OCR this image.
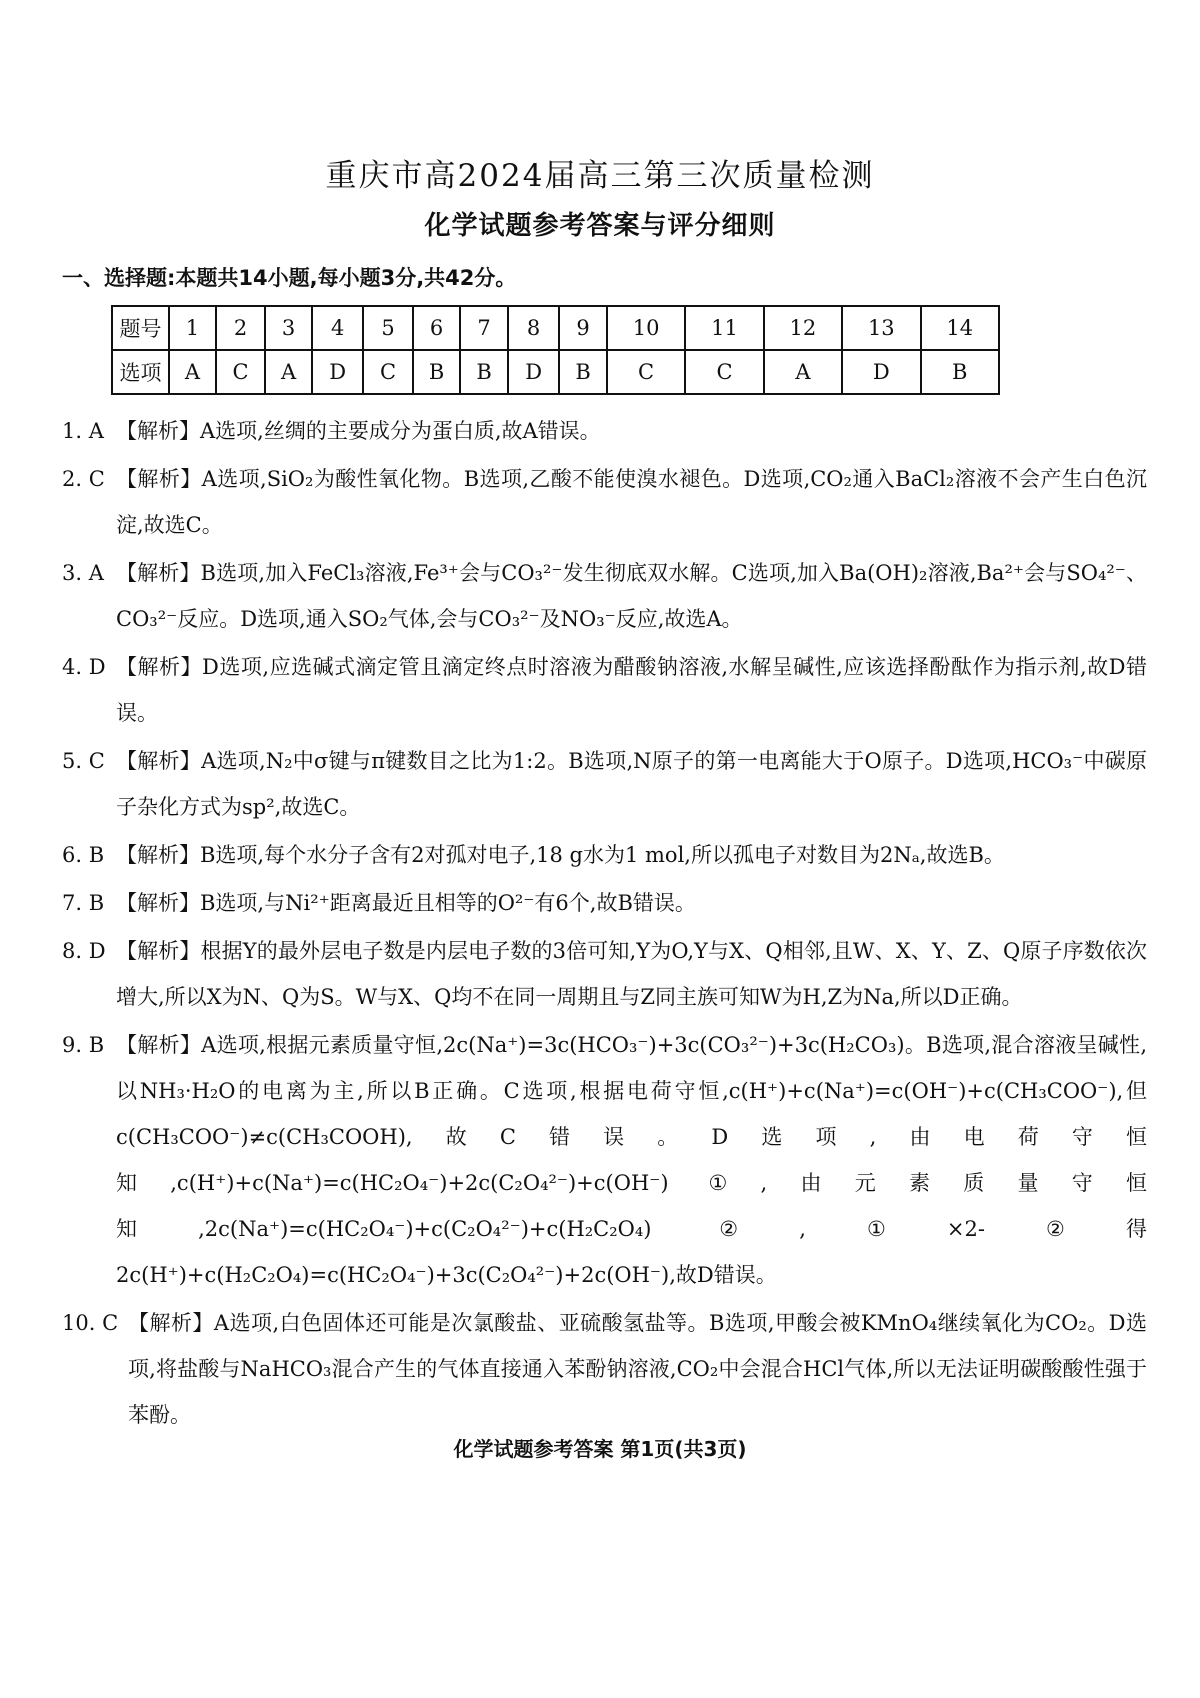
重庆市高2024届高三第三次质量检测
化学试题参考答案与评分细则
一、选择题:本题共14小题,每小题3分,共42分。
题号	1	2	3	4	5	6	7	8	9	10	11	12	13	14
选项	A	C	A	D	C	B	B	D	B	C	C	A	D	B
1. A 【解析】A选项,丝绸的主要成分为蛋白质,故A错误。
2. C 【解析】A选项,SiO₂为酸性氧化物。B选项,乙酸不能使溴水褪色。D选项,CO₂通入BaCl₂溶液不会产生白色沉淀,故选C。
3. A 【解析】B选项,加入FeCl₃溶液,Fe³⁺会与CO₃²⁻发生彻底双水解。C选项,加入Ba(OH)₂溶液,Ba²⁺会与SO₄²⁻、CO₃²⁻反应。D选项,通入SO₂气体,会与CO₃²⁻及NO₃⁻反应,故选A。
4. D 【解析】D选项,应选碱式滴定管且滴定终点时溶液为醋酸钠溶液,水解呈碱性,应该选择酚酞作为指示剂,故D错误。
5. C 【解析】A选项,N₂中σ键与π键数目之比为1:2。B选项,N原子的第一电离能大于O原子。D选项,HCO₃⁻中碳原子杂化方式为sp²,故选C。
6. B 【解析】B选项,每个水分子含有2对孤对电子,18 g水为1 mol,所以孤电子对数目为2Nₐ,故选B。
7. B 【解析】B选项,与Ni²⁺距离最近且相等的O²⁻有6个,故B错误。
8. D 【解析】根据Y的最外层电子数是内层电子数的3倍可知,Y为O,Y与X、Q相邻,且W、X、Y、Z、Q原子序数依次增大,所以X为N、Q为S。W与X、Q均不在同一周期且与Z同主族可知W为H,Z为Na,所以D正确。
9. B 【解析】A选项,根据元素质量守恒,2c(Na⁺)=3c(HCO₃⁻)+3c(CO₃²⁻)+3c(H₂CO₃)。B选项,混合溶液呈碱性,以NH₃·H₂O的电离为主,所以B正确。C选项,根据电荷守恒,c(H⁺)+c(Na⁺)=c(OH⁻)+c(CH₃COO⁻),但c(CH₃COO⁻)≠c(CH₃COOH),故C错误。D选项,由电荷守恒知,c(H⁺)+c(Na⁺)=c(HC₂O₄⁻)+2c(C₂O₄²⁻)+c(OH⁻) ①,由元素质量守恒知,2c(Na⁺)=c(HC₂O₄⁻)+c(C₂O₄²⁻)+c(H₂C₂O₄) ②,①×2-②得2c(H⁺)+c(H₂C₂O₄)=c(HC₂O₄⁻)+3c(C₂O₄²⁻)+2c(OH⁻),故D错误。
10. C 【解析】A选项,白色固体还可能是次氯酸盐、亚硫酸氢盐等。B选项,甲酸会被KMnO₄继续氧化为CO₂。D选项,将盐酸与NaHCO₃混合产生的气体直接通入苯酚钠溶液,CO₂中会混合HCl气体,所以无法证明碳酸酸性强于苯酚。
化学试题参考答案 第1页(共3页)
